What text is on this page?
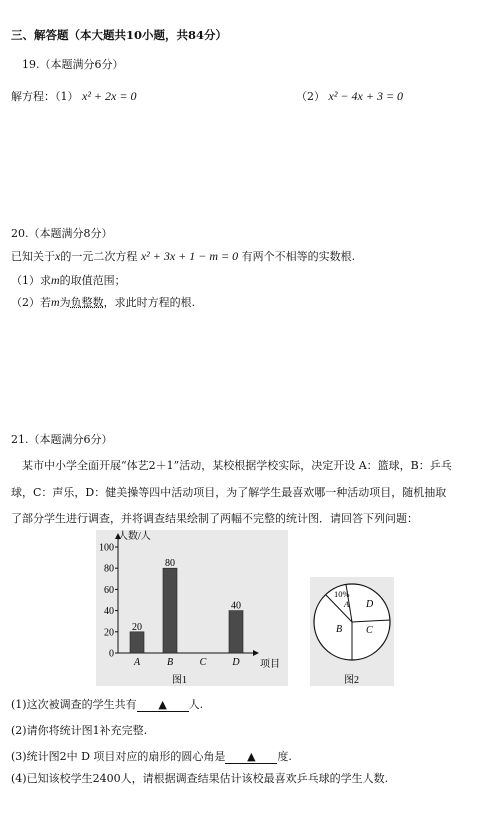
三、解答题（本大题共10小题，共84分）
19.（本题满分6分）
解方程：（1） x² + 2x = 0	（2） x² − 4x + 3 = 0
20.（本题满分8分）
已知关于x的一元二次方程 x² + 3x + 1 − m = 0 有两个不相等的实数根.
（1）求m的取值范围；
（2）若m为负整数，求此时方程的根.
21.（本题满分6分）
某市中小学全面开展“体艺2＋1”活动，某校根据学校实际，决定开设 A：篮球，B：乒乓
球，C：声乐，D：健美操等四中活动项目，为了解学生最喜欢哪一种活动项目，随机抽取
了部分学生进行调查，并将调查结果绘制了两幅不完整的统计图．请回答下列问题：
0
20
40
60
80
100
20
A
80
B	C
40
D
人数/人
项目
图1
10%
A D
B C
图2
(1)这次被调查的学生共有 ▲ 人.
(2)请你将统计图1补充完整.
(3)统计图2中 D 项目对应的扇形的圆心角是 ▲ 度.
(4)已知该校学生2400人，请根据调查结果估计该校最喜欢乒乓球的学生人数.
